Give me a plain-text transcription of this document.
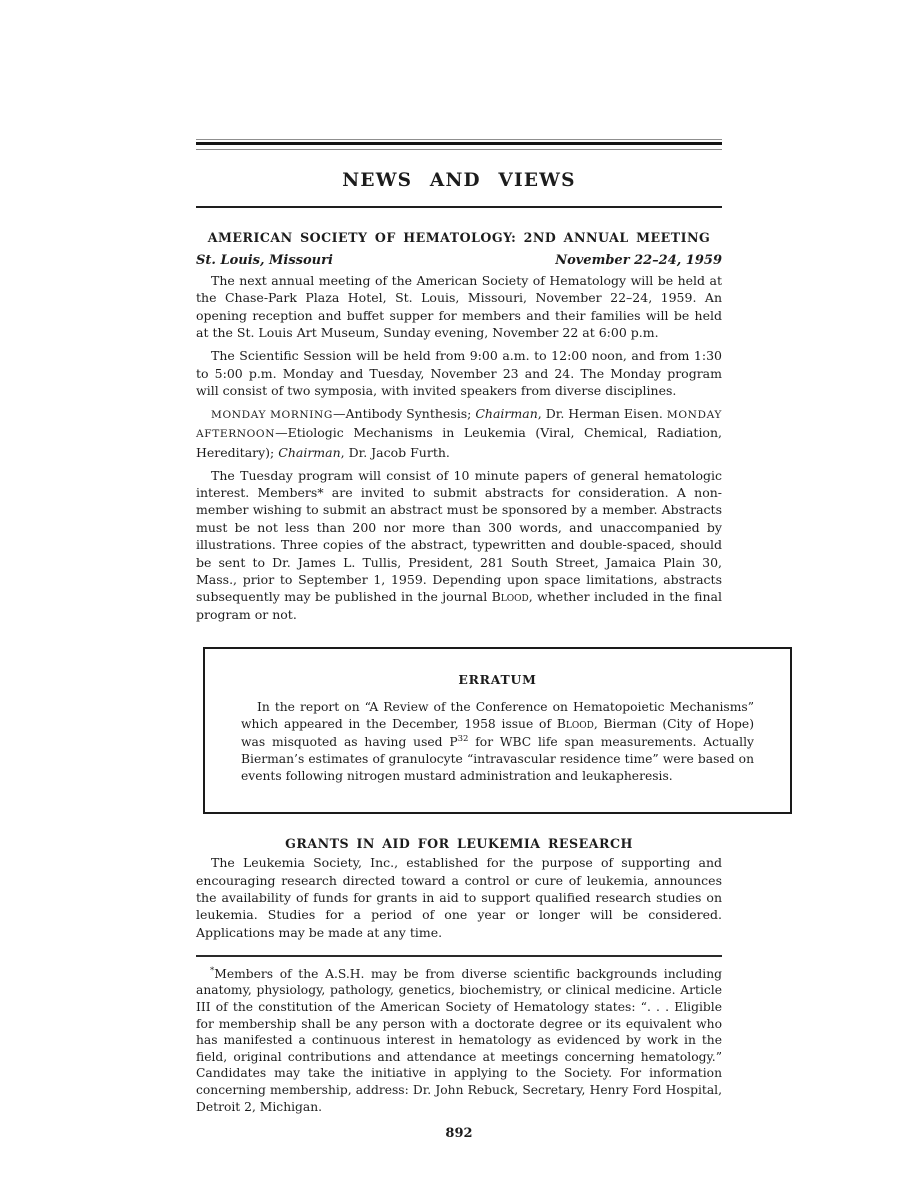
NEWS AND VIEWS
AMERICAN SOCIETY OF HEMATOLOGY: 2ND ANNUAL MEETING
St. Louis, Missouri	November 22–24, 1959

The next annual meeting of the American Society of Hematology will be held at the Chase-Park Plaza Hotel, St. Louis, Missouri, November 22–24, 1959. An opening reception and buffet supper for members and their families will be held at the St. Louis Art Museum, Sunday evening, November 22 at 6:00 p.m.

The Scientific Session will be held from 9:00 a.m. to 12:00 noon, and from 1:30 to 5:00 p.m. Monday and Tuesday, November 23 and 24. The Monday program will consist of two symposia, with invited speakers from diverse disciplines.

MONDAY MORNING—Antibody Synthesis; Chairman, Dr. Herman Eisen. MONDAY AFTERNOON—Etiologic Mechanisms in Leukemia (Viral, Chemical, Radiation, Hereditary); Chairman, Dr. Jacob Furth.

The Tuesday program will consist of 10 minute papers of general hematologic interest. Members* are invited to submit abstracts for consideration. A non-member wishing to submit an abstract must be sponsored by a member. Abstracts must be not less than 200 nor more than 300 words, and unaccompanied by illustrations. Three copies of the abstract, typewritten and double-spaced, should be sent to Dr. James L. Tullis, President, 281 South Street, Jamaica Plain 30, Mass., prior to September 1, 1959. Depending upon space limitations, abstracts subsequently may be published in the journal Blood, whether included in the final program or not.

ERRATUM

In the report on “A Review of the Conference on Hematopoietic Mechanisms” which appeared in the December, 1958 issue of Blood, Bierman (City of Hope) was misquoted as having used $P^{32}$ for WBC life span measurements. Actually Bierman’s estimates of granulocyte “intravascular residence time” were based on events following nitrogen mustard administration and leukapheresis.

GRANTS IN AID FOR LEUKEMIA RESEARCH

The Leukemia Society, Inc., established for the purpose of supporting and encouraging research directed toward a control or cure of leukemia, announces the availability of funds for grants in aid to support qualified research studies on leukemia. Studies for a period of one year or longer will be considered. Applications may be made at any time.

*Members of the A.S.H. may be from diverse scientific backgrounds including anatomy, physiology, pathology, genetics, biochemistry, or clinical medicine. Article III of the constitution of the American Society of Hematology states: “. . . Eligible for membership shall be any person with a doctorate degree or its equivalent who has manifested a continuous interest in hematology as evidenced by work in the field, original contributions and attendance at meetings concerning hematology.” Candidates may take the initiative in applying to the Society. For information concerning membership, address: Dr. John Rebuck, Secretary, Henry Ford Hospital, Detroit 2, Michigan.

892
